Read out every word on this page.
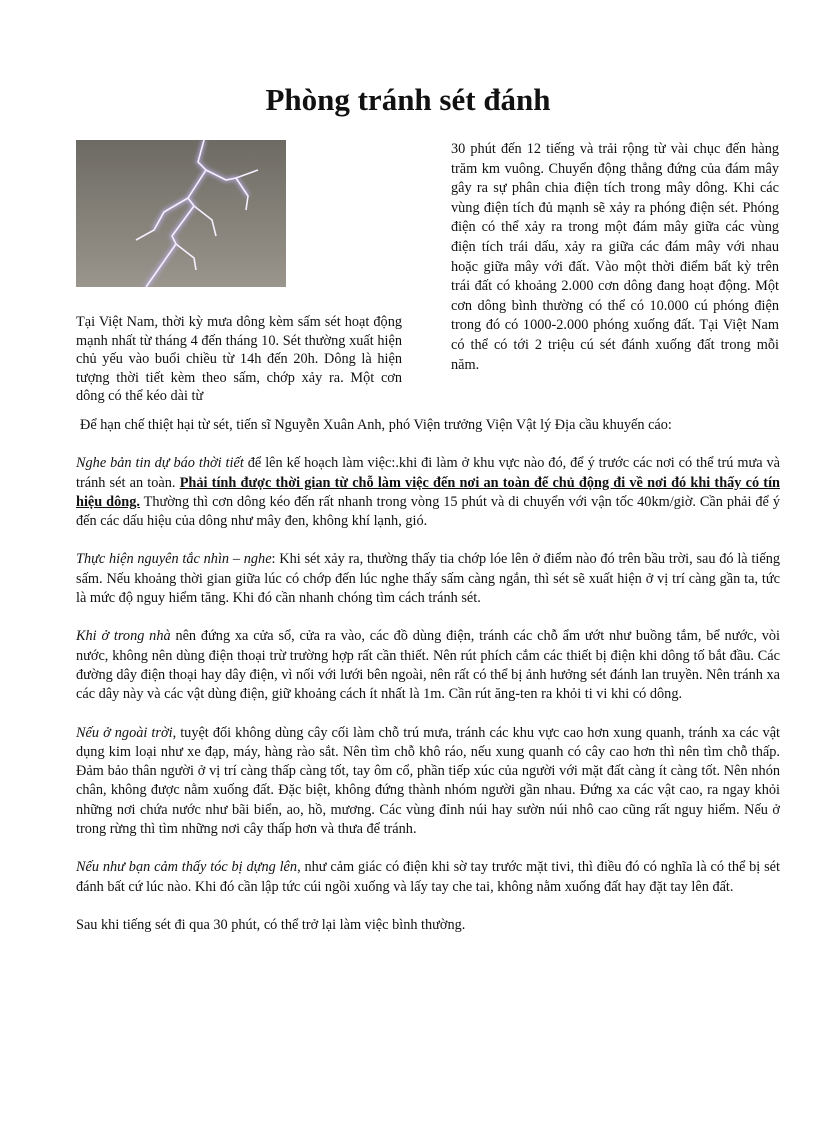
Phòng tránh sét đánh

Tại Việt Nam, thời kỳ mưa dông kèm sấm sét hoạt động mạnh nhất từ tháng 4 đến tháng 10. Sét thường xuất hiện chủ yếu vào buổi chiều từ 14h đến 20h. Dông là hiện tượng thời tiết kèm theo sấm, chớp xảy ra. Một cơn dông có thể kéo dài từ

30 phút đến 12 tiếng và trải rộng từ vài chục đến hàng trăm km vuông. Chuyển động thẳng đứng của đám mây gây ra sự phân chia điện tích trong mây dông. Khi các vùng điện tích đủ mạnh sẽ xảy ra phóng điện sét. Phóng điện có thể xảy ra trong một đám mây giữa các vùng điện tích trái dấu, xảy ra giữa các đám mây với nhau hoặc giữa mây với đất. Vào một thời điểm bất kỳ trên trái đất có khoảng 2.000 cơn dông đang hoạt động. Một cơn dông bình thường có thể có 10.000 cú phóng điện trong đó có 1000-2.000 phóng xuống đất. Tại Việt Nam có thể có tới 2 triệu cú sét đánh xuống đất trong mỗi năm.

Để hạn chế thiệt hại từ sét, tiến sĩ Nguyễn Xuân Anh, phó Viện trưởng Viện Vật lý Địa cầu khuyến cáo:

Nghe bản tin dự báo thời tiết để lên kế hoạch làm việc:.khi đi làm ở khu vực nào đó, để ý trước các nơi có thể trú mưa và tránh sét an toàn. Phải tính được thời gian từ chỗ làm việc đến nơi an toàn để chủ động đi về nơi đó khi thấy có tín hiệu dông. Thường thì cơn dông kéo đến rất nhanh trong vòng 15 phút và di chuyển với vận tốc 40km/giờ. Cần phải để ý đến các dấu hiệu của dông như mây đen, không khí lạnh, gió.

Thực hiện nguyên tắc nhìn – nghe: Khi sét xảy ra, thường thấy tia chớp lóe lên ở điểm nào đó trên bầu trời, sau đó là tiếng sấm. Nếu khoảng thời gian giữa lúc có chớp đến lúc nghe thấy sấm càng ngắn, thì sét sẽ xuất hiện ở vị trí càng gần ta, tức là mức độ nguy hiểm tăng. Khi đó cần nhanh chóng tìm cách tránh sét.

Khi ở trong nhà nên đứng xa cửa sổ, cửa ra vào, các đồ dùng điện, tránh các chỗ ẩm ướt như buồng tắm, bể nước, vòi nước, không nên dùng điện thoại trừ trường hợp rất cần thiết. Nên rút phích cắm các thiết bị điện khi dông tố bắt đầu. Các đường dây điện thoại hay dây điện, vì nối với lưới bên ngoài, nên rất có thể bị ảnh hưởng sét đánh lan truyền. Nên tránh xa các dây này và các vật dùng điện, giữ khoảng cách ít nhất là 1m. Cần rút ăng-ten ra khỏi ti vi khi có dông.

Nếu ở ngoài trời, tuyệt đối không dùng cây cối làm chỗ trú mưa, tránh các khu vực cao hơn xung quanh, tránh xa các vật dụng kim loại như xe đạp, máy, hàng rào sắt. Nên tìm chỗ khô ráo, nếu xung quanh có cây cao hơn thì nên tìm chỗ thấp. Đảm bảo thân người ở vị trí càng thấp càng tốt, tay ôm cổ, phần tiếp xúc của người với mặt đất càng ít càng tốt. Nên nhón chân, không được nằm xuống đất. Đặc biệt, không đứng thành nhóm người gần nhau. Đứng xa các vật cao, ra ngay khỏi những nơi chứa nước như bãi biển, ao, hồ, mương. Các vùng đỉnh núi hay sườn núi nhô cao cũng rất nguy hiểm. Nếu ở trong rừng thì tìm những nơi cây thấp hơn và thưa để tránh.

Nếu như bạn cảm thấy tóc bị dựng lên, như cảm giác có điện khi sờ tay trước mặt tivi, thì điều đó có nghĩa là có thể bị sét đánh bất cứ lúc nào. Khi đó cần lập tức cúi ngồi xuống và lấy tay che tai, không nằm xuống đất hay đặt tay lên đất.

Sau khi tiếng sét đi qua 30 phút, có thể trở lại làm việc bình thường.
